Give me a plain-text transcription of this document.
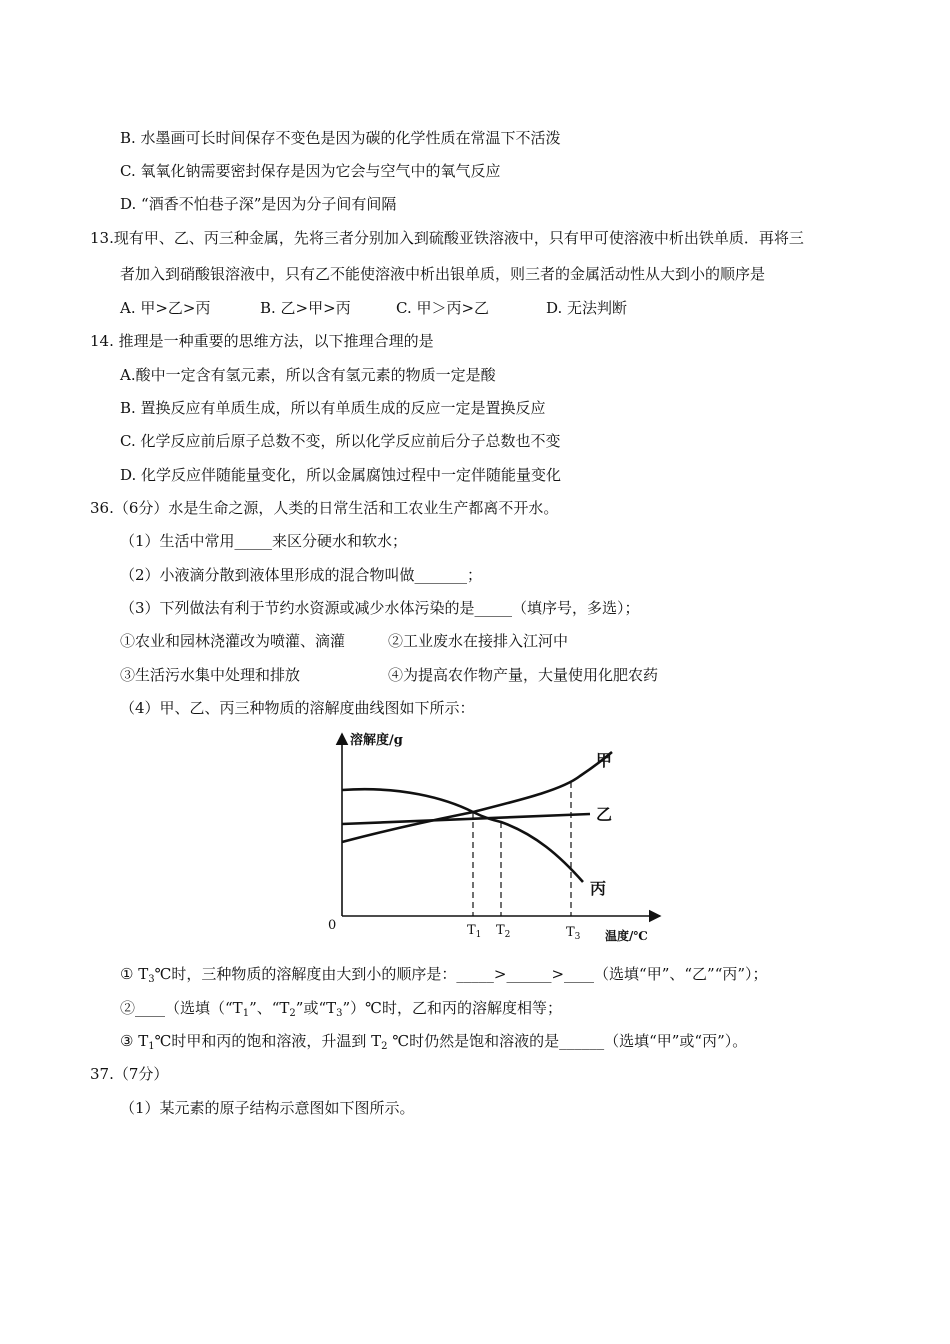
B. 水墨画可长时间保存不变色是因为碳的化学性质在常温下不活泼
C. 氧氧化钠需要密封保存是因为它会与空气中的氧气反应
D. “酒香不怕巷子深”是因为分子间有间隔
13.现有甲、乙、丙三种金属，先将三者分别加入到硫酸亚铁溶液中，只有甲可使溶液中析出铁单质．再将三
者加入到硝酸银溶液中，只有乙不能使溶液中析出银单质，则三者的金属活动性从大到小的顺序是
A. 甲>乙>丙	B. 乙>甲>丙	C. 甲＞丙>乙	D. 无法判断
14. 推理是一种重要的思维方法，以下推理合理的是
A.酸中一定含有氢元素，所以含有氢元素的物质一定是酸
B. 置换反应有单质生成，所以有单质生成的反应一定是置换反应
C. 化学反应前后原子总数不变，所以化学反应前后分子总数也不变
D. 化学反应伴随能量变化，所以金属腐蚀过程中一定伴随能量变化
36.（6分）水是生命之源，人类的日常生活和工农业生产都离不开水。
（1）生活中常用_____来区分硬水和软水；
（2）小液滴分散到液体里形成的混合物叫做_______；
（3）下列做法有利于节约水资源或减少水体污染的是_____（填序号，多选）；
①农业和园林浇灌改为喷灌、滴灌	②工业废水在接排入江河中
③生活污水集中处理和排放	④为提高农作物产量，大量使用化肥农药
（4）甲、乙、丙三种物质的溶解度曲线图如下所示：
溶解度/g
0
温度/℃
$T_1$ $T_2$	$T_3$
甲
乙
丙
① $T_3℃$时，三种物质的溶解度由大到小的顺序是：_____>______>____（选填“甲”、“乙”“丙”）；
②____（选填（“$T_1$”、“$T_2$”或“$T_3”)℃$时，乙和丙的溶解度相等；
③ $T_1℃$时甲和丙的饱和溶液，升温到 $T_2$ ℃时仍然是饱和溶液的是______（选填“甲”或“丙”）。
37.（7分）
（1）某元素的原子结构示意图如下图所示。
